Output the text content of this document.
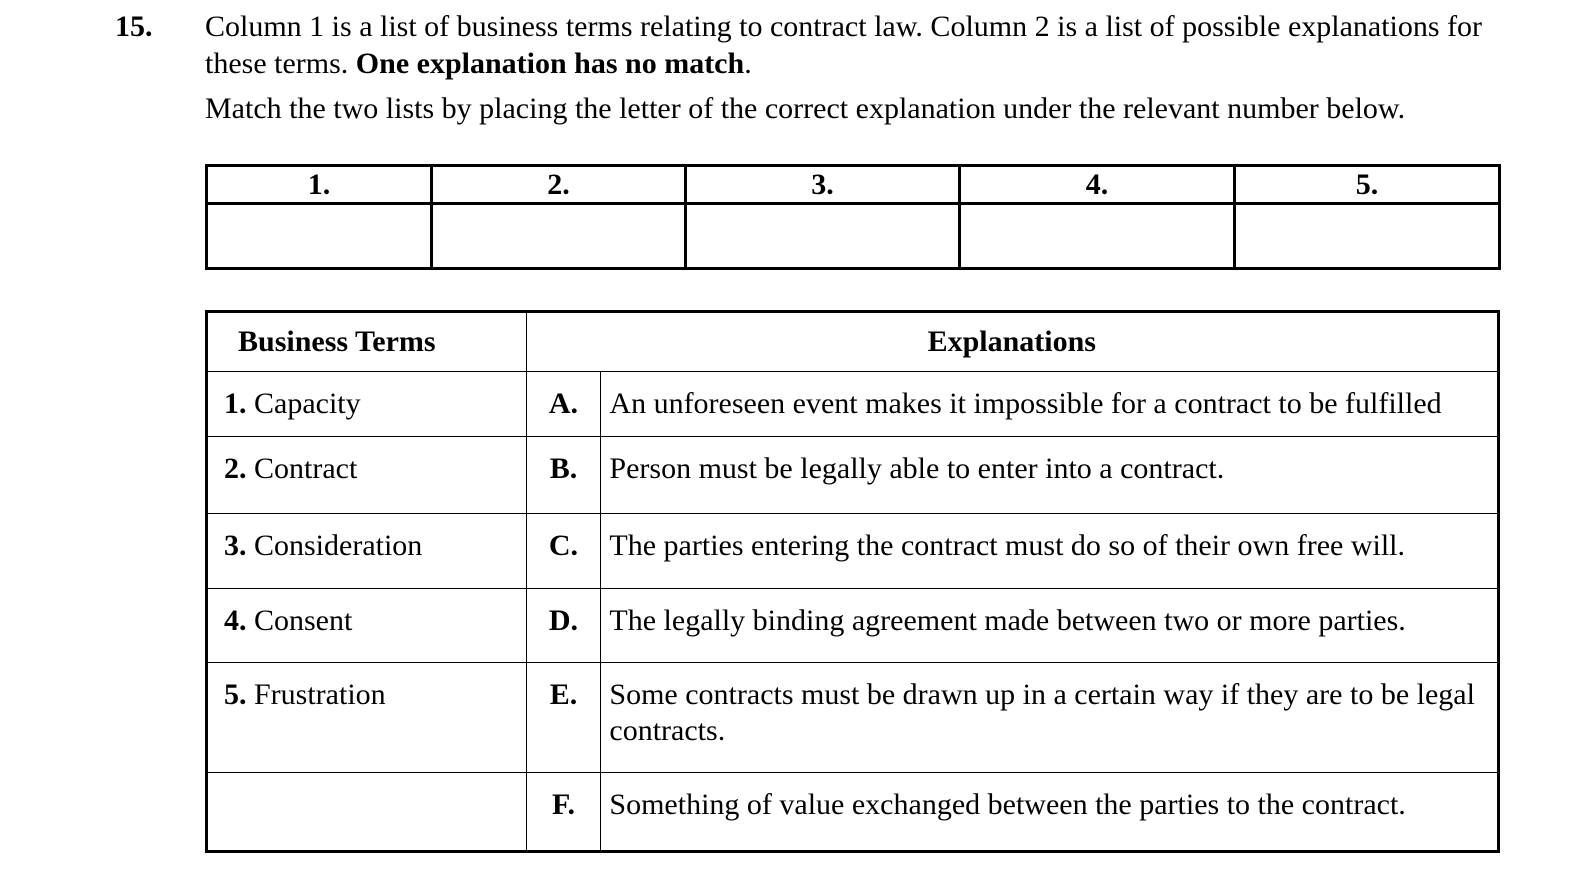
15. Column 1 is a list of business terms relating to contract law. Column 2 is a list of possible explanations for these terms. One explanation has no match.
Match the two lists by placing the letter of the correct explanation under the relevant number below.
1.	2.	3.	4.	5.

Business Terms	Explanations	
1. Capacity	A.	An unforeseen event makes it impossible for a contract to be fulfilled
2. Contract	B.	Person must be legally able to enter into a contract.
3. Consideration	C.	The parties entering the contract must do so of their own free will.
4. Consent	D.	The legally binding agreement made between two or more parties.
5. Frustration	E.	Some contracts must be drawn up in a certain way if they are to be legal contracts.
	F.	Something of value exchanged between the parties to the contract.
